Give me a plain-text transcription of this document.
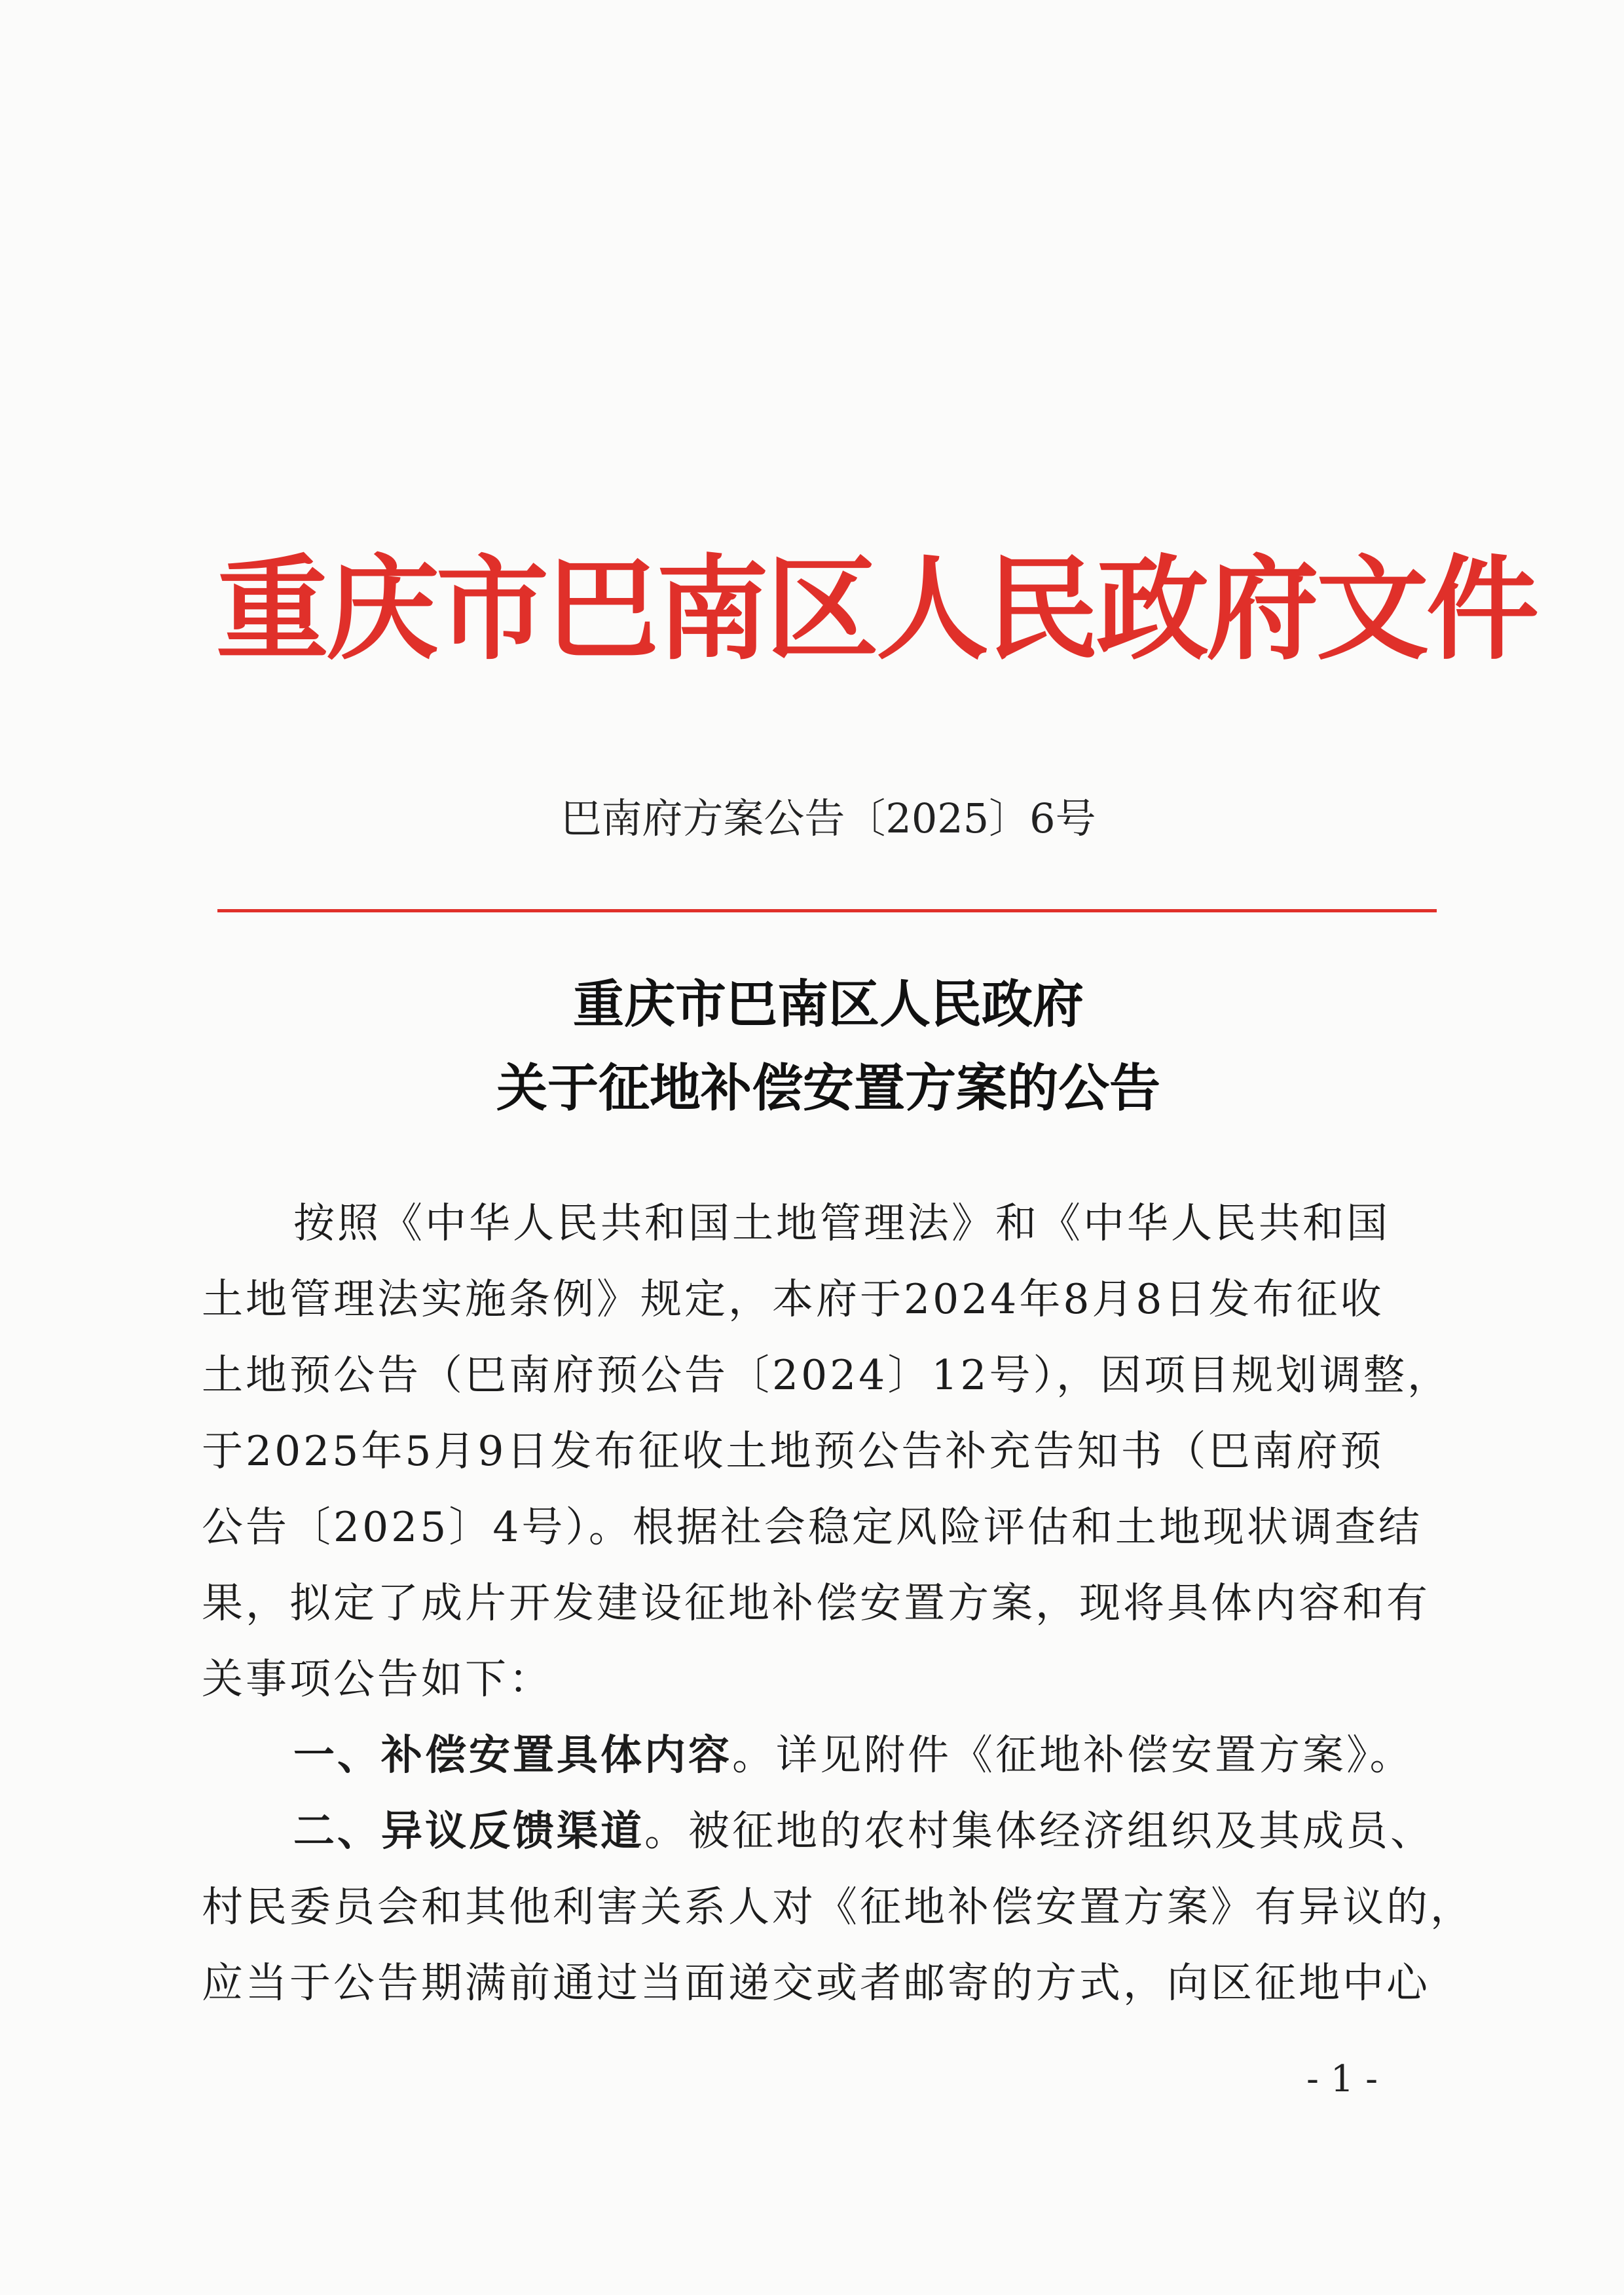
重庆市巴南区人民政府文件
巴南府方案公告〔2025〕6号
重庆市巴南区人民政府
关于征地补偿安置方案的公告
按照《中华人民共和国土地管理法》和《中华人民共和国
土地管理法实施条例》规定，本府于2024年8月8日发布征收
土地预公告（巴南府预公告〔2024〕12号），因项目规划调整，
于2025年5月9日发布征收土地预公告补充告知书（巴南府预
公告〔2025〕4号）。根据社会稳定风险评估和土地现状调查结
果，拟定了成片开发建设征地补偿安置方案，现将具体内容和有
关事项公告如下：
一、补偿安置具体内容。详见附件《征地补偿安置方案》。
二、异议反馈渠道。被征地的农村集体经济组织及其成员、
村民委员会和其他利害关系人对《征地补偿安置方案》有异议的，
应当于公告期满前通过当面递交或者邮寄的方式，向区征地中心
- 1 -
